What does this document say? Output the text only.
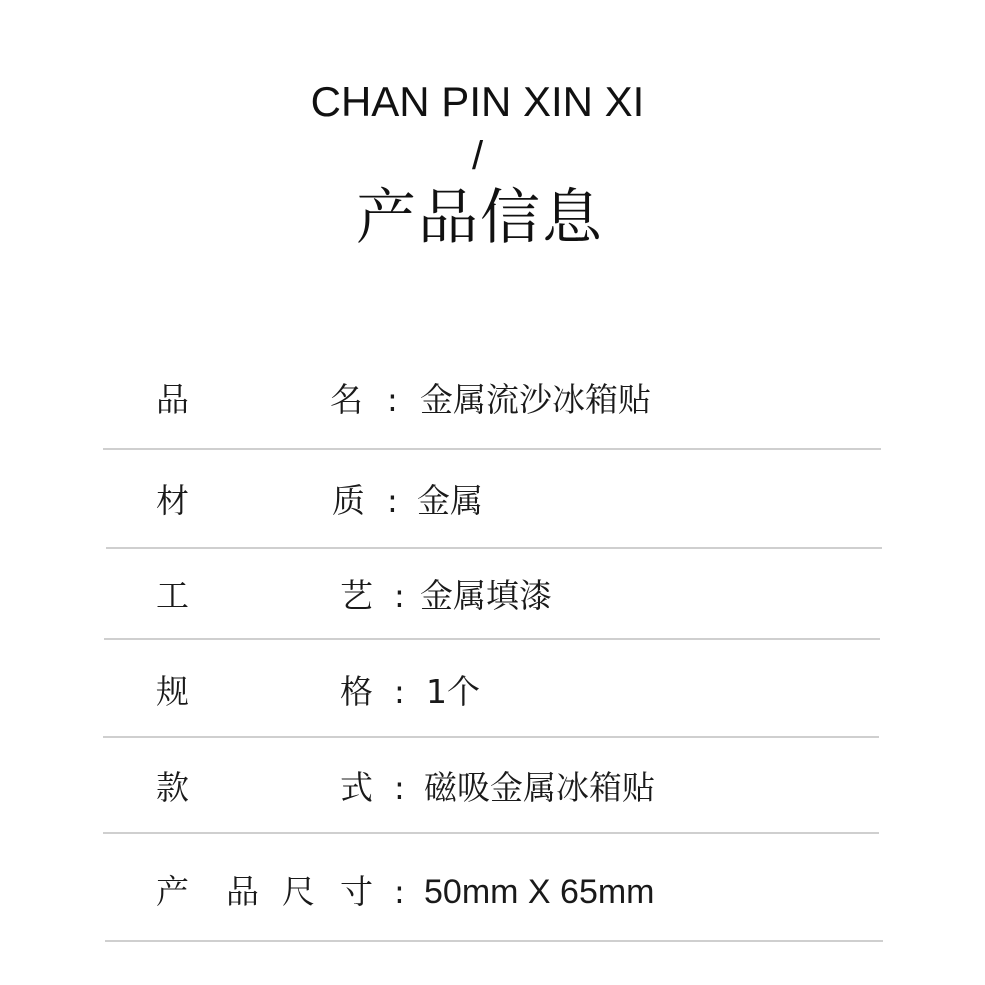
CHAN PIN XIN XI
/
产品信息
品	名 : 金属流沙冰箱贴
材	质 : 金属
工	艺 : 金属填漆
规	格 : 1个
款	式 : 磁吸金属冰箱贴
产 品 尺 寸 : 50mm X 65mm
